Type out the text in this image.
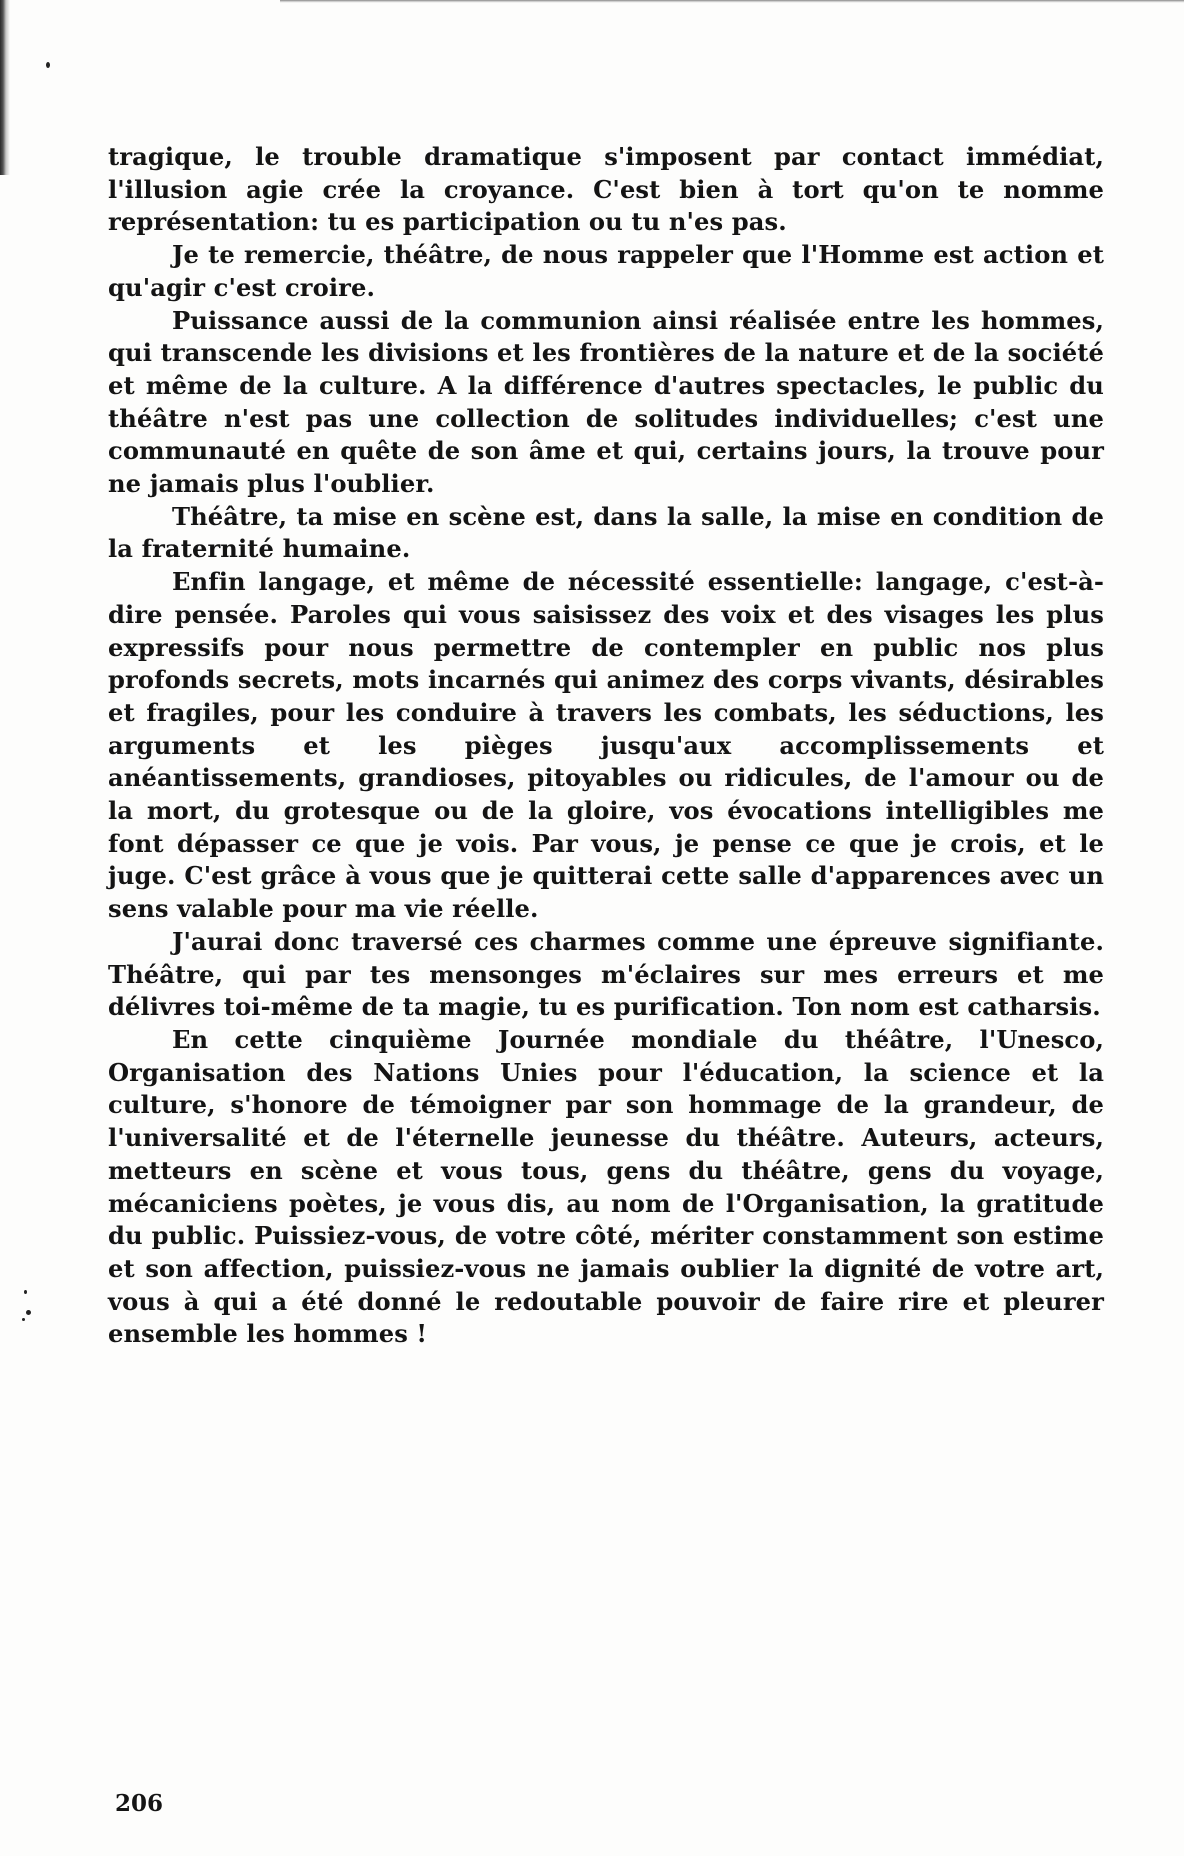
tragique, le trouble dramatique s'imposent par contact immédiat, l'illusion agie crée la croyance. C'est bien à tort qu'on te nomme représentation: tu es participation ou tu n'es pas.

Je te remercie, théâtre, de nous rappeler que l'Homme est action et qu'agir c'est croire.

Puissance aussi de la communion ainsi réalisée entre les hommes, qui transcende les divisions et les frontières de la nature et de la société et même de la culture. A la différence d'autres spectacles, le public du théâtre n'est pas une collection de solitudes individuelles; c'est une communauté en quête de son âme et qui, certains jours, la trouve pour ne jamais plus l'oublier.

Théâtre, ta mise en scène est, dans la salle, la mise en condition de la fraternité humaine.

Enfin langage, et même de nécessité essentielle: langage, c'est-à-dire pensée. Paroles qui vous saisissez des voix et des visages les plus expressifs pour nous permettre de contempler en public nos plus profonds secrets, mots incarnés qui animez des corps vivants, désirables et fragiles, pour les conduire à travers les combats, les séductions, les arguments et les pièges jusqu'aux accomplissements et anéantissements, grandioses, pitoyables ou ridicules, de l'amour ou de la mort, du grotesque ou de la gloire, vos évocations intelligibles me font dépasser ce que je vois. Par vous, je pense ce que je crois, et le juge. C'est grâce à vous que je quitterai cette salle d'apparences avec un sens valable pour ma vie réelle.

J'aurai donc traversé ces charmes comme une épreuve signifiante. Théâtre, qui par tes mensonges m'éclaires sur mes erreurs et me délivres toi-même de ta magie, tu es purification. Ton nom est catharsis.

En cette cinquième Journée mondiale du théâtre, l'Unesco, Organisation des Nations Unies pour l'éducation, la science et la culture, s'honore de témoigner par son hommage de la grandeur, de l'universalité et de l'éternelle jeunesse du théâtre. Auteurs, acteurs, metteurs en scène et vous tous, gens du théâtre, gens du voyage, mécaniciens poètes, je vous dis, au nom de l'Organisation, la gratitude du public. Puissiez-vous, de votre côté, mériter constamment son estime et son affection, puissiez-vous ne jamais oublier la dignité de votre art, vous à qui a été donné le redoutable pouvoir de faire rire et pleurer ensemble les hommes !

206
